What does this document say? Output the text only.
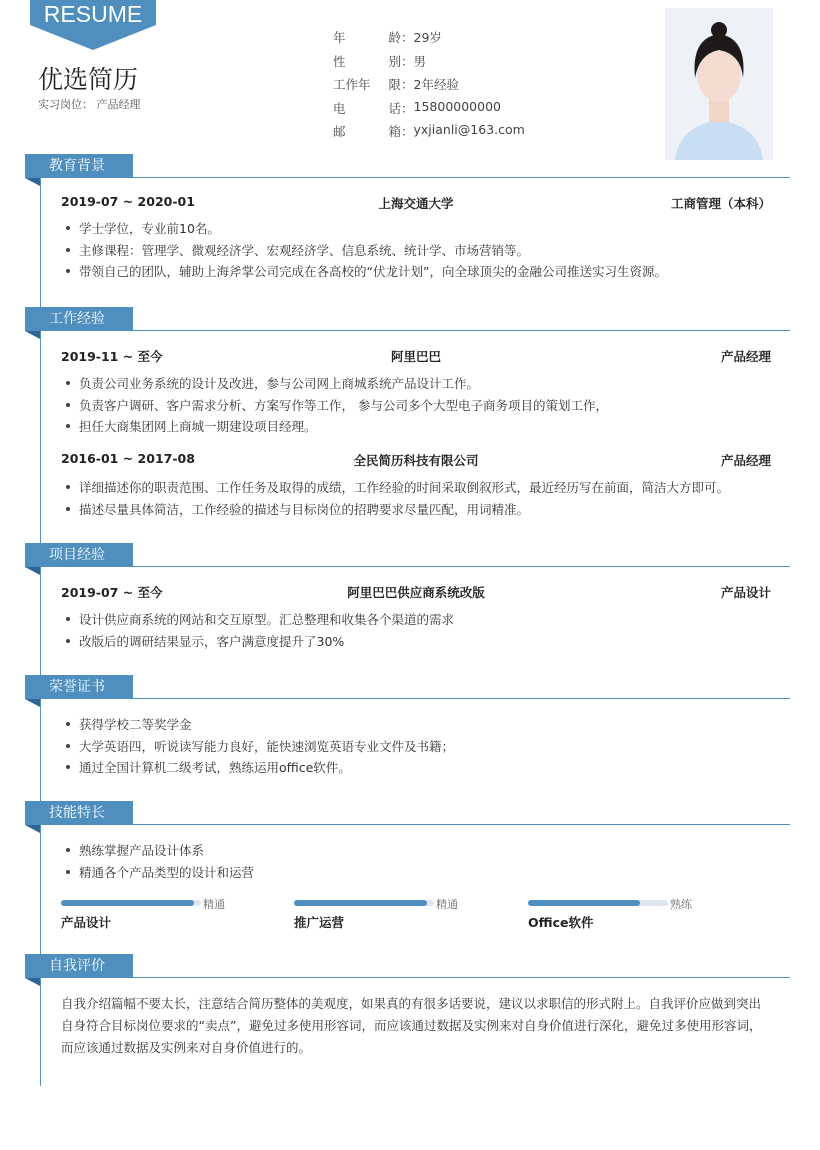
RESUME
优选简历
实习岗位： 产品经理
年	龄 ： 29岁
性	别 ： 男
工作年 限 ： 2年经验
电	话 ： 15800000000
邮	箱 ： yxjianli@163.com
教育背景
2019-07 ~ 2020-01	上海交通大学	工商管理（本科）
学士学位，专业前10名。
主修课程：管理学、微观经济学、宏观经济学、信息系统、统计学、市场营销等。
带领自己的团队，辅助上海斧掌公司完成在各高校的“伏龙计划”，向全球顶尖的金融公司推送实习生资源。
工作经验
2019-11 ~ 至今	阿里巴巴	产品经理
负责公司业务系统的设计及改进，参与公司网上商城系统产品设计工作。
负责客户调研、客户需求分析、方案写作等工作， 参与公司多个大型电子商务项目的策划工作，
担任大商集团网上商城一期建设项目经理。
2016-01 ~ 2017-08	全民简历科技有限公司	产品经理
详细描述你的职责范围、工作任务及取得的成绩，工作经验的时间采取倒叙形式，最近经历写在前面，简洁大方即可。
描述尽量具体简洁，工作经验的描述与目标岗位的招聘要求尽量匹配，用词精准。
项目经验
2019-07 ~ 至今	阿里巴巴供应商系统改版	产品设计
设计供应商系统的网站和交互原型。汇总整理和收集各个渠道的需求
改版后的调研结果显示，客户满意度提升了30%
荣誉证书
获得学校二等奖学金
大学英语四，听说读写能力良好，能快速浏览英语专业文件及书籍；
通过全国计算机二级考试，熟练运用office软件。
技能特长
熟练掌握产品设计体系
精通各个产品类型的设计和运营
精通
产品设计
精通
推广运营
熟练
Office软件
自我评价
自我介绍篇幅不要太长，注意结合简历整体的美观度，如果真的有很多话要说，建议以求职信的形式附上。自我评价应做到突出自身符合目标岗位要求的“卖点”，避免过多使用形容词，而应该通过数据及实例来对自身价值进行深化，避免过多使用形容词，而应该通过数据及实例来对自身价值进行的。
